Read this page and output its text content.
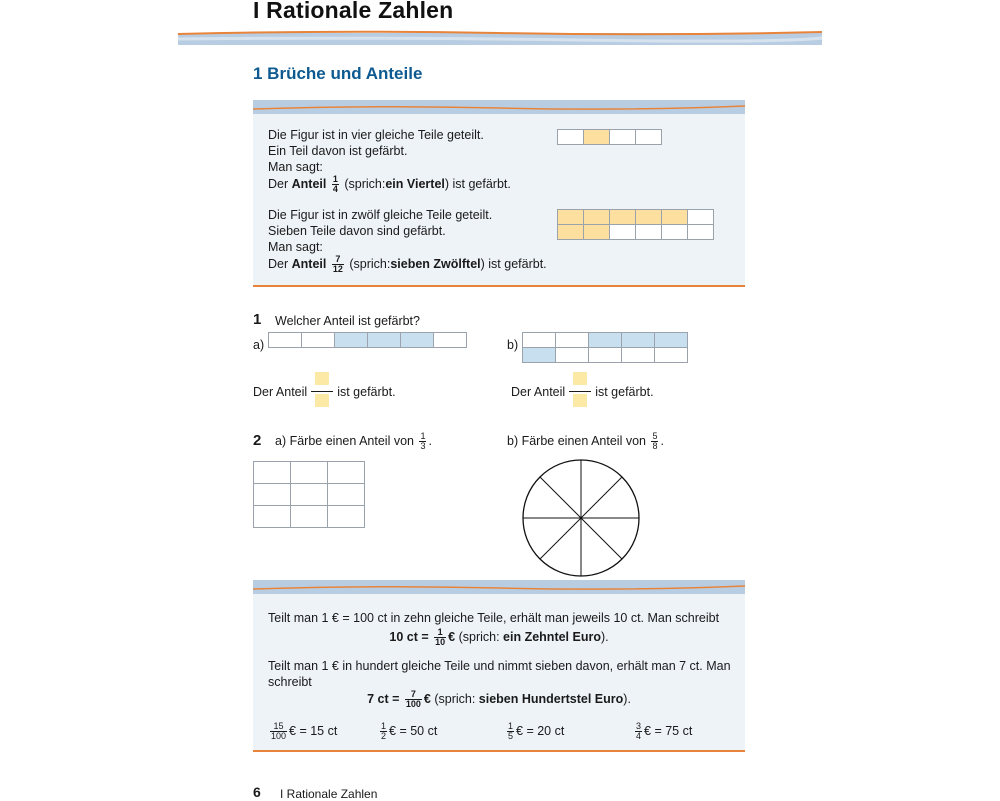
I Rationale Zahlen
1 Brüche und Anteile
Die Figur ist in vier gleiche Teile geteilt.
Ein Teil davon ist gefärbt.
Man sagt:
Der Anteil $\frac{1}{4}$ (sprich:ein Viertel) ist gefärbt.

Die Figur ist in zwölf gleiche Teile geteilt.
Sieben Teile davon sind gefärbt.
Man sagt:
Der Anteil $\frac{7}{12}$ (sprich:sieben Zwölftel) ist gefärbt.

1 Welcher Anteil ist gefärbt?
a)
						b)

Der Anteil ist gefärbt.	Der Anteil ist gefärbt.
2 a) Färbe einen Anteil von $\frac{1}{3}$ .	b) Färbe einen Anteil von $\frac{5}{8}$ .

Teilt man 1 € = 100 ct in zehn gleiche Teile, erhält man jeweils 10 ct. Man schreibt
10 ct = $\frac{1}{10}$ € (sprich: ein Zehntel Euro).
Teilt man 1 € in hundert gleiche Teile und nimmt sieben davon, erhält man 7 ct. Man
schreibt
7 ct = $\frac{7}{100}$ € (sprich: sieben Hundertstel Euro).
$\frac{15}{100}$ € = 15 ct	$\frac{1}{2}$ € = 50 ct	$\frac{1}{5}$ € = 20 ct	$\frac{3}{4}$ € = 75 ct
6 I Rationale Zahlen
